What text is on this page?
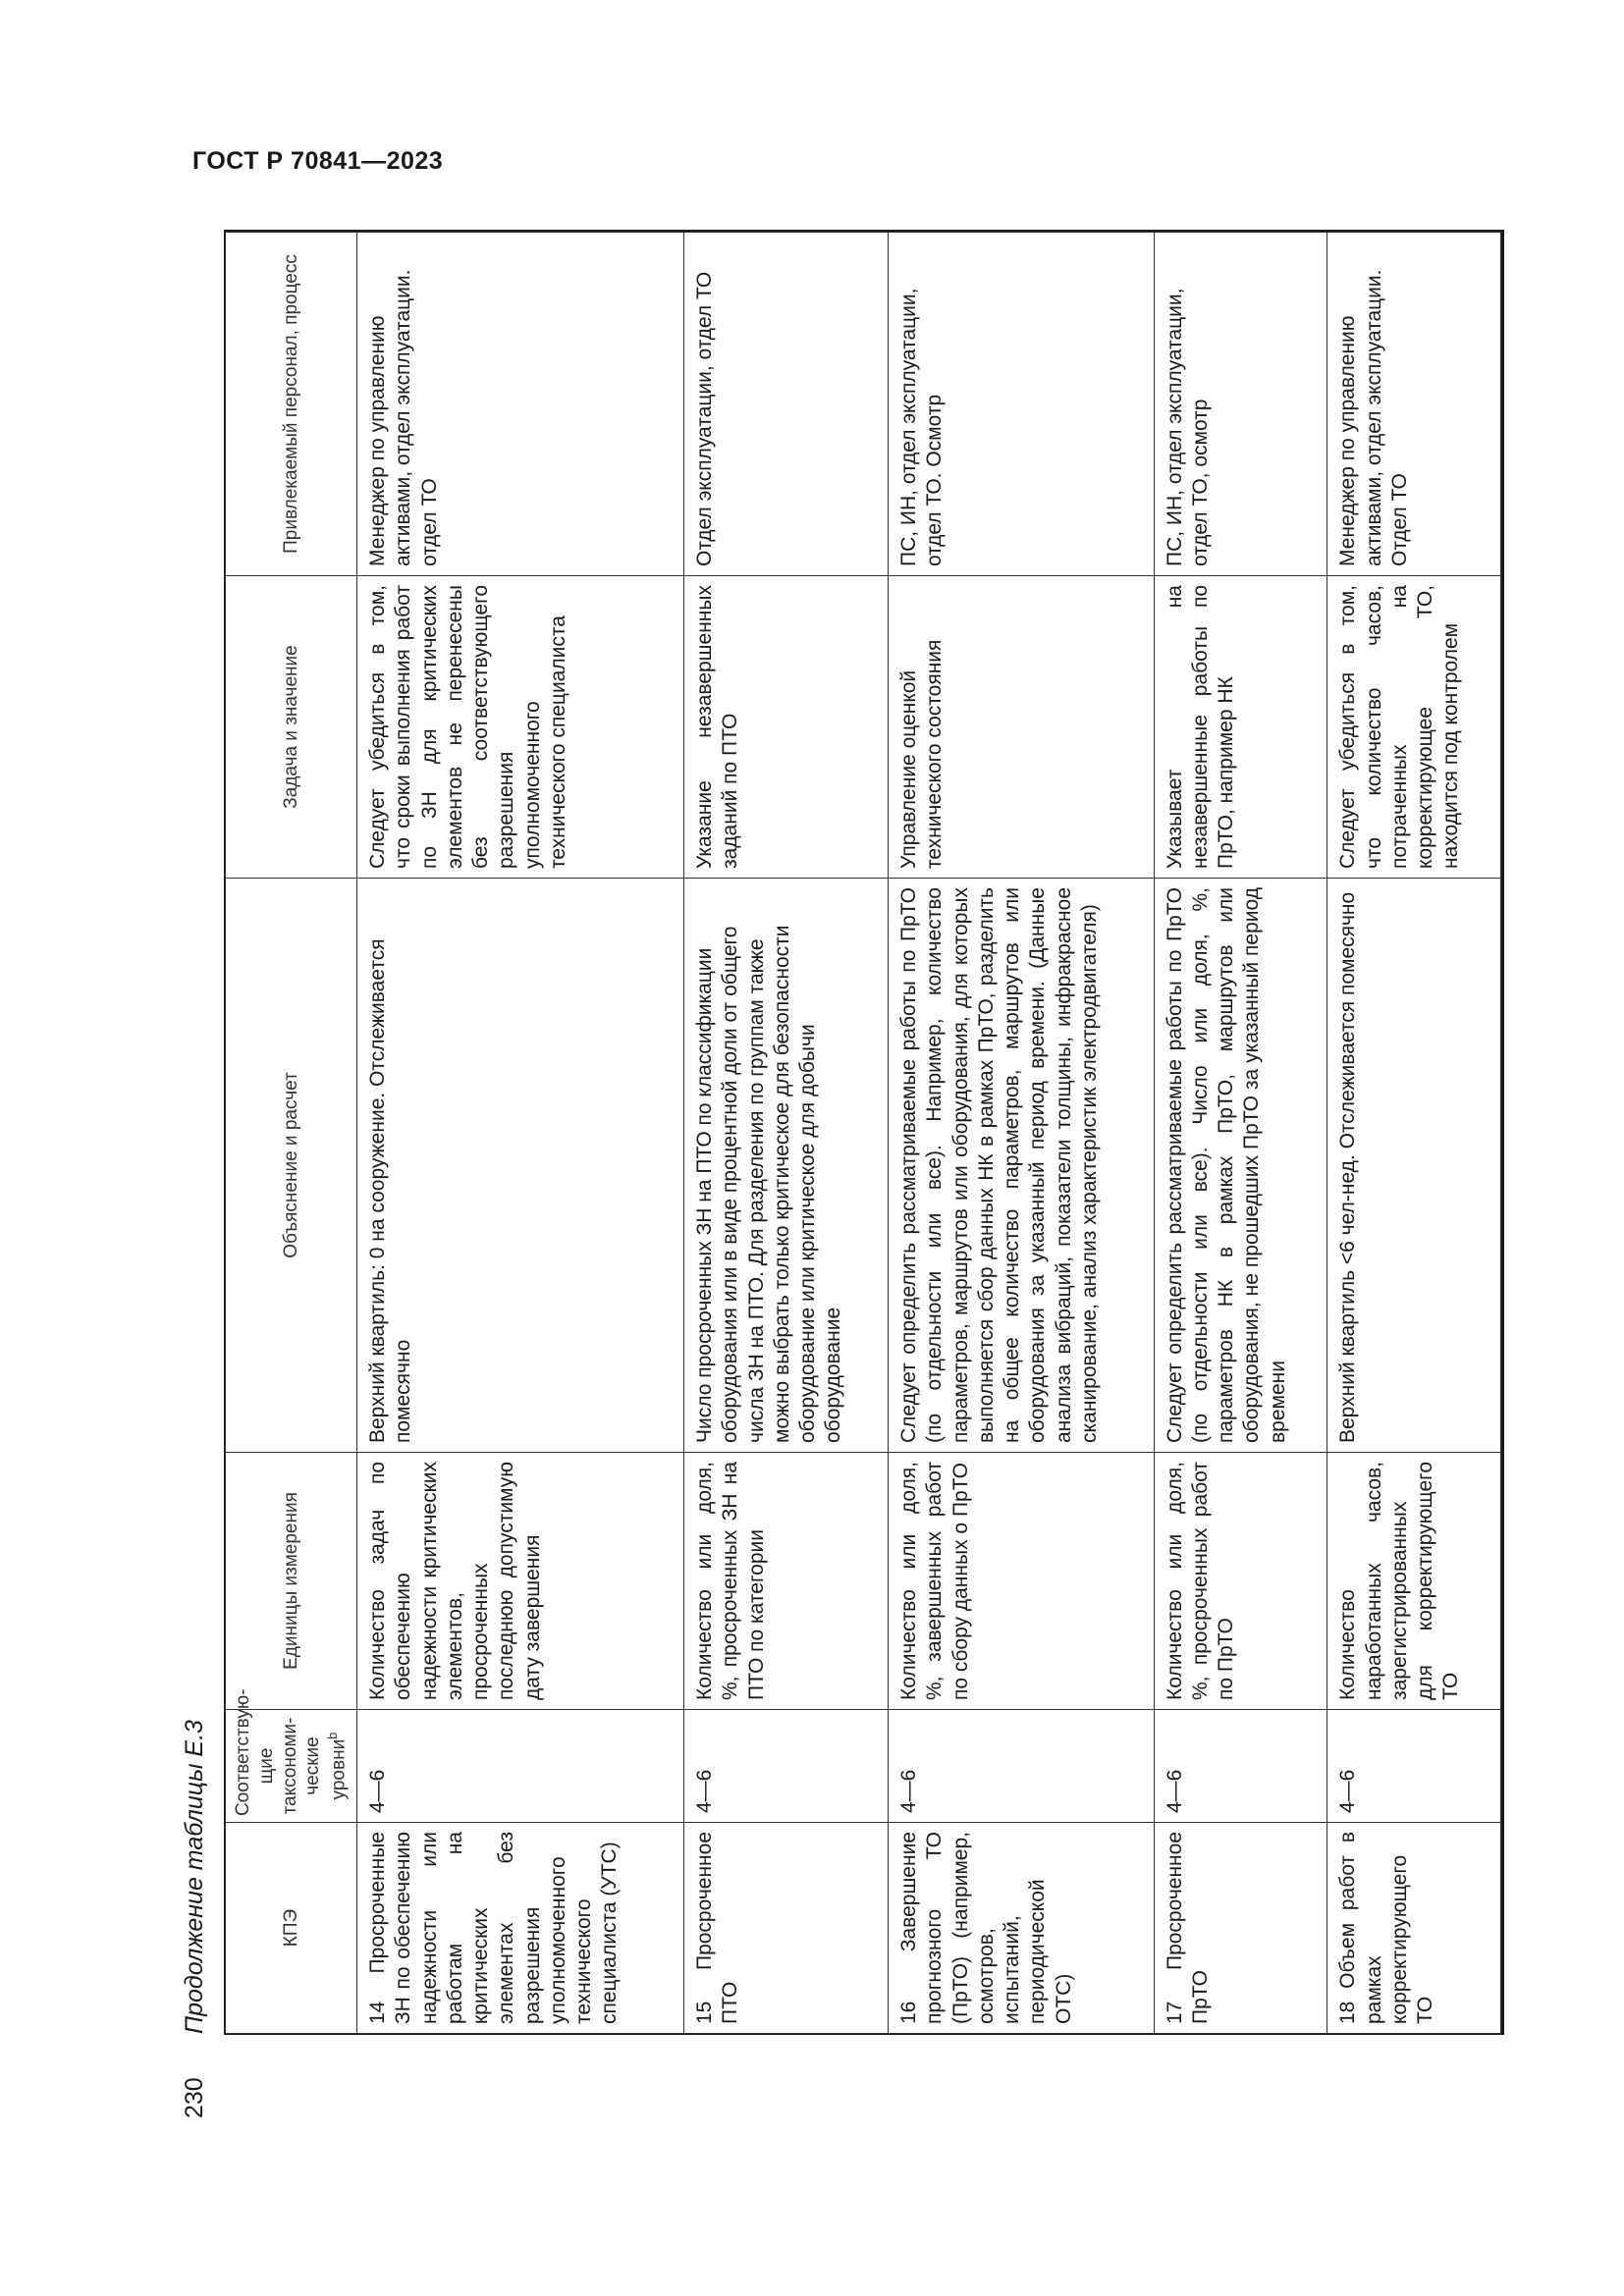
ГОСТ Р 70841—2023
230
Продолжение таблицы Е.3	КПЭ	Соответствую-щие таксономи-ческие уровни$^b$	Единицы измерения	Объяснение и расчет	Задача и значение	Привлекаемый персонал, процесс
14 Просроченные ЗН по обеспечению надежности или работам на критических элементах без разрешения уполномоченного технического специалиста (УТС)	4—6	Количество задач по обеспечению надежности критических элементов, просроченных последнюю допустимую дату завершения	Верхний квартиль: 0 на сооружение. Отслеживается помесячно	Следует убедиться в том, что сроки выполнения работ по ЗН для критических элементов не перенесены без соответствующего разрешения уполномоченного технического специалиста	Менеджер по управлению активами, отдел эксплуатации. отдел ТО
15 Просроченное ПТО	4—6	Количество или доля, %, просроченных ЗН на ПТО по категории	Число просроченных ЗН на ПТО по классификации оборудования или в виде процентной доли от общего числа ЗН на ПТО. Для разделения по группам также можно выбрать только критическое для безопасности оборудование или критическое для добычи оборудование	Указание незавершенных заданий по ПТО	Отдел эксплуатации, отдел ТО
16 Завершение прогнозного ТО (ПрТО) (например, осмотров, испытаний, периодической ОТС)	4—6	Количество или доля, %, завершенных работ по сбору данных о ПрТО	Следует определить рассматриваемые работы по ПрТО (по отдельности или все). Например, количество параметров, маршрутов или оборудования, для которых выполняется сбор данных НК в рамках ПрТО, разделить на общее количество параметров, маршрутов или оборудования за указанный период времени. (Данные анализа вибраций, показатели толщины, инфракрасное сканирование, анализ характеристик электродвигателя)	Управление оценкой технического состояния	ПС, ИН, отдел эксплуатации, отдел ТО. Осмотр
17 Просроченное ПрТО	4—6	Количество или доля, %, просроченных работ по ПрТО	Следует определить рассматриваемые работы по ПрТО (по отдельности или все). Число или доля, %, параметров НК в рамках ПрТО, маршрутов или оборудования, не прошедших ПрТО за указанный период времени	Указывает на незавершенные работы по ПрТО, например НК	ПС, ИН, отдел эксплуатации, отдел ТО, осмотр
18 Объем работ в рамках корректирующего ТО	4—6	Количество наработанных часов, зарегистрированных для корректирующего ТО	Верхний квартиль <6 чел-нед. Отслеживается помесячно	Следует убедиться в том, что количество часов, потраченных на корректирующее ТО, находится под контролем	Менеджер по управлению активами, отдел эксплуатации. Отдел ТО
